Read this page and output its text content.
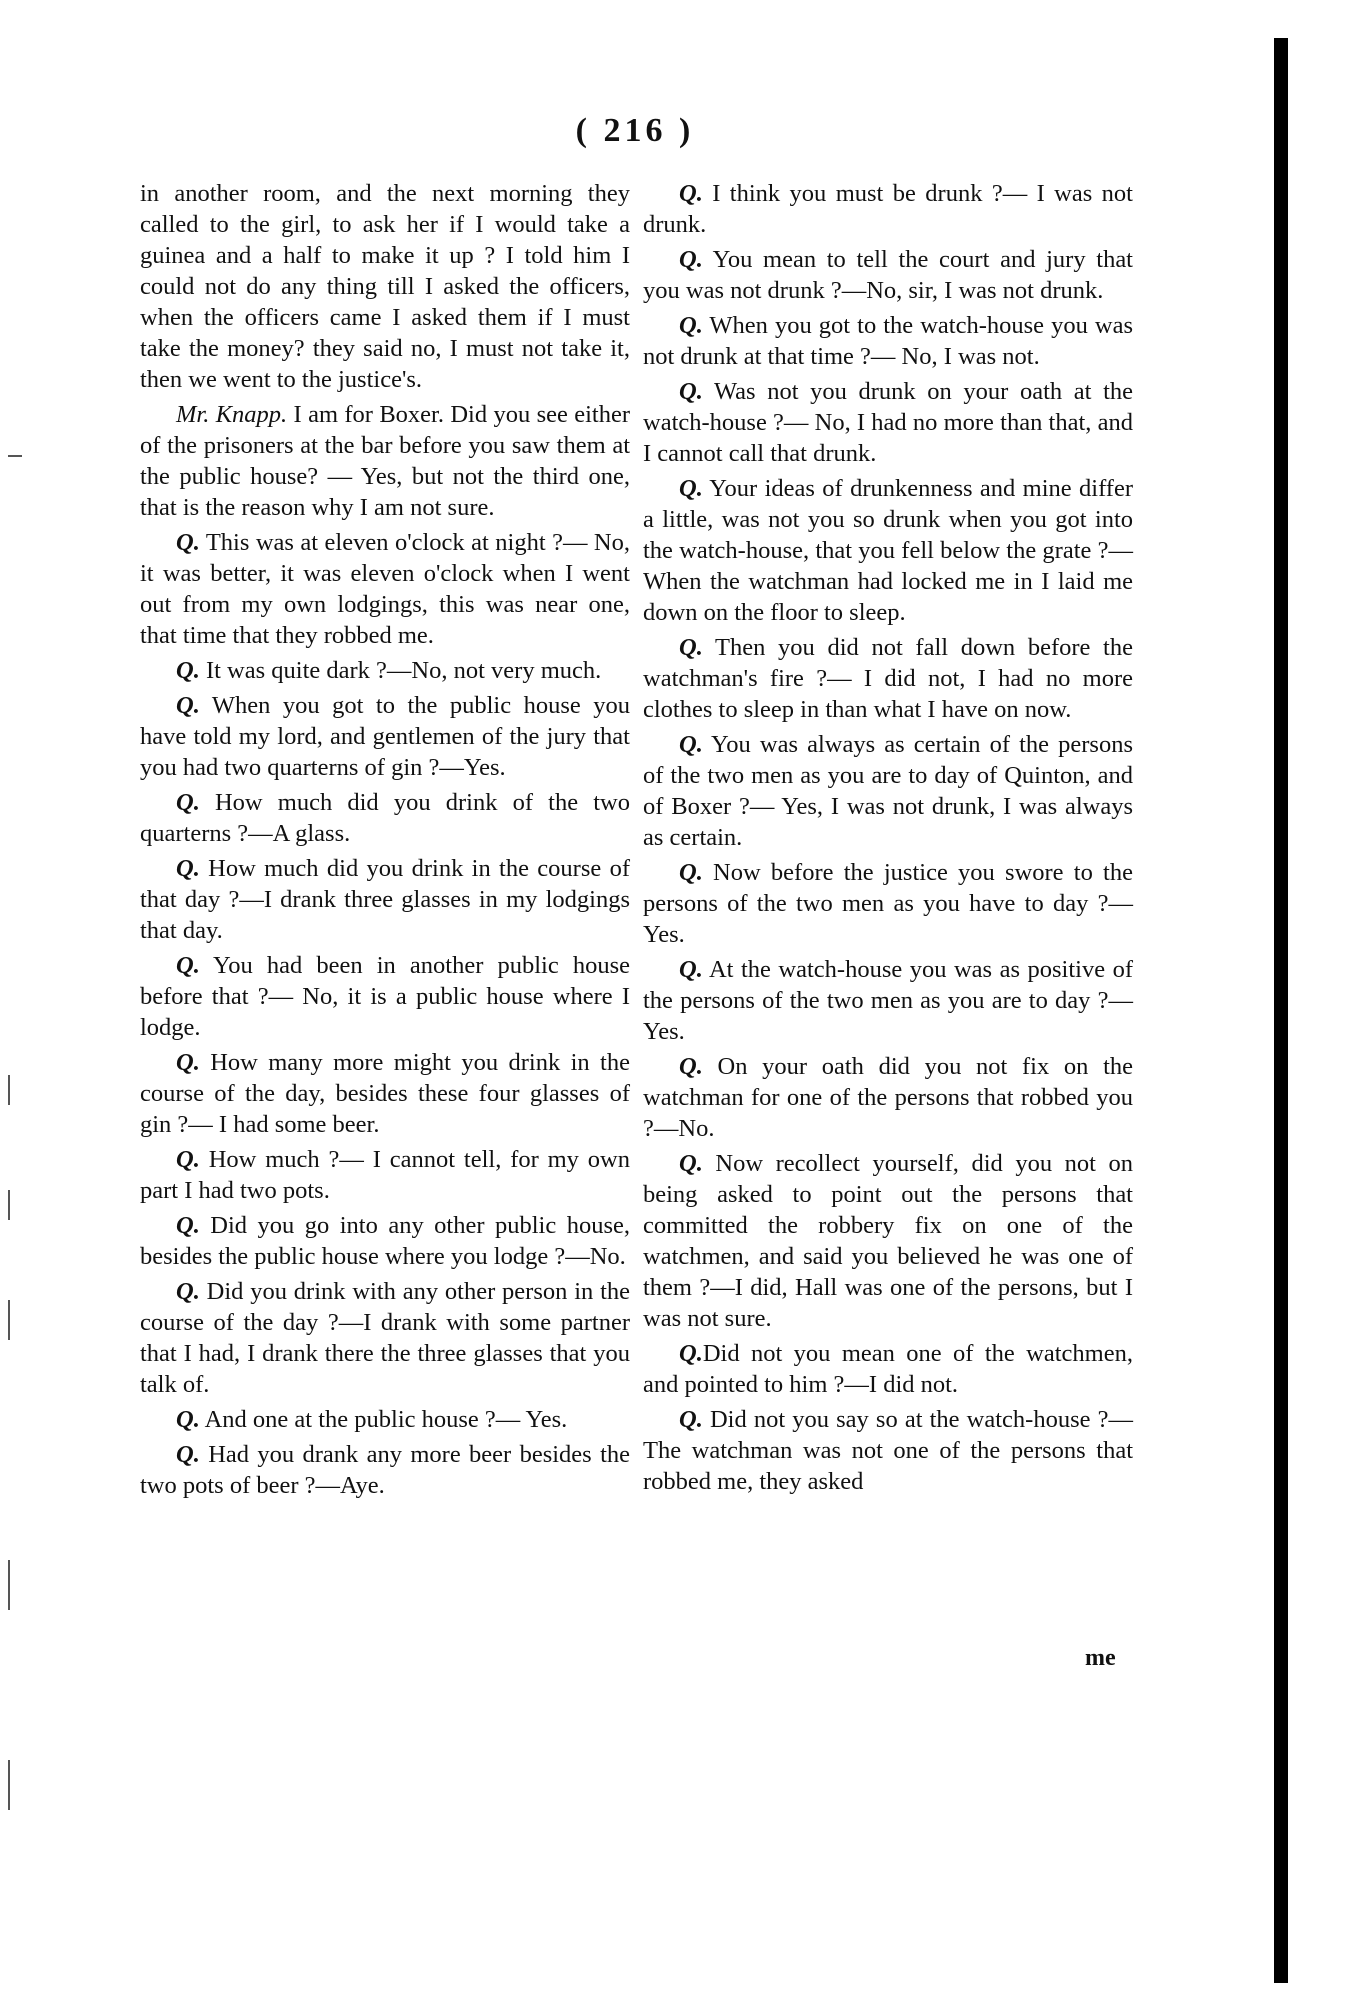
( 216 )

in another room, and the next morning they called to the girl, to ask her if I would take a guinea and a half to make it up ? I told him I could not do any thing till I asked the officers, when the officers came I asked them if I must take the money? they said no, I must not take it, then we went to the justice's.

Mr. Knapp. I am for Boxer. Did you see either of the prisoners at the bar before you saw them at the public house? — Yes, but not the third one, that is the reason why I am not sure.

Q. This was at eleven o'clock at night ?— No, it was better, it was eleven o'clock when I went out from my own lodgings, this was near one, that time that they robbed me.

Q. It was quite dark ?—No, not very much.

Q. When you got to the public house you have told my lord, and gentlemen of the jury that you had two quarterns of gin ?—Yes.

Q. How much did you drink of the two quarterns ?—A glass.

Q. How much did you drink in the course of that day ?—I drank three glasses in my lodgings that day.

Q. You had been in another public house before that ?— No, it is a public house where I lodge.

Q. How many more might you drink in the course of the day, besides these four glasses of gin ?— I had some beer.

Q. How much ?— I cannot tell, for my own part I had two pots.

Q. Did you go into any other public house, besides the public house where you lodge ?—No.

Q. Did you drink with any other person in the course of the day ?—I drank with some partner that I had, I drank there the three glasses that you talk of.

Q. And one at the public house ?— Yes.

Q. Had you drank any more beer besides the two pots of beer ?—Aye.

Q. I think you must be drunk ?— I was not drunk.

Q. You mean to tell the court and jury that you was not drunk ?—No, sir, I was not drunk.

Q. When you got to the watch-house you was not drunk at that time ?— No, I was not.

Q. Was not you drunk on your oath at the watch-house ?— No, I had no more than that, and I cannot call that drunk.

Q. Your ideas of drunkenness and mine differ a little, was not you so drunk when you got into the watch-house, that you fell below the grate ?— When the watchman had locked me in I laid me down on the floor to sleep.

Q. Then you did not fall down before the watchman's fire ?— I did not, I had no more clothes to sleep in than what I have on now.

Q. You was always as certain of the persons of the two men as you are to day of Quinton, and of Boxer ?— Yes, I was not drunk, I was always as certain.

Q. Now before the justice you swore to the persons of the two men as you have to day ?—Yes.

Q. At the watch-house you was as positive of the persons of the two men as you are to day ?—Yes.

Q. On your oath did you not fix on the watchman for one of the persons that robbed you ?—No.

Q. Now recollect yourself, did you not on being asked to point out the persons that committed the robbery fix on one of the watchmen, and said you believed he was one of them ?—I did, Hall was one of the persons, but I was not sure.

Q.Did not you mean one of the watchmen, and pointed to him ?—I did not.

Q. Did not you say so at the watch-house ?— The watchman was not one of the persons that robbed me, they asked

me
